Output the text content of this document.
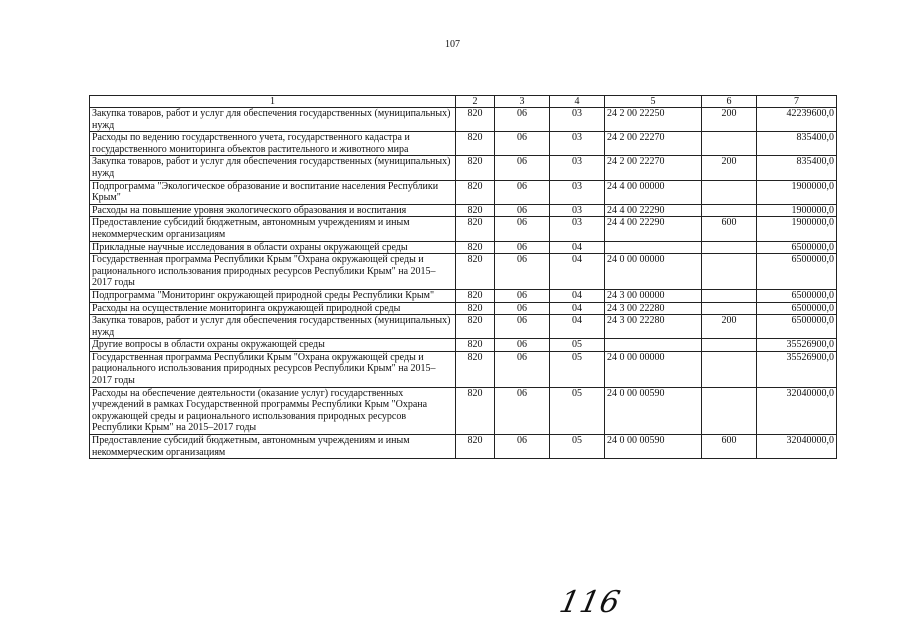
107
1	2	3	4	5	6	7
Закупка товаров, работ и услуг для обеспечения государственных (муниципальных) нужд	820	06	03	24 2 00 22250	200	42239600,0
Расходы по ведению государственного учета, государственного кадастра и государственного мониторинга объектов растительного и животного мира	820	06	03	24 2 00 22270		835400,0
Закупка товаров, работ и услуг для обеспечения государственных (муниципальных) нужд	820	06	03	24 2 00 22270	200	835400,0
Подпрограмма "Экологическое образование и воспитание населения Республики Крым"	820	06	03	24 4 00 00000		1900000,0
Расходы на повышение уровня экологического образования и воспитания	820	06	03	24 4 00 22290		1900000,0
Предоставление субсидий бюджетным, автономным учреждениям и иным некоммерческим организациям	820	06	03	24 4 00 22290	600	1900000,0
Прикладные научные исследования в области охраны окружающей среды	820	06	04			6500000,0
Государственная программа Республики Крым "Охрана окружающей среды и рационального использования природных ресурсов Республики Крым" на 2015–2017 годы	820	06	04	24 0 00 00000		6500000,0
Подпрограмма "Мониторинг окружающей природной среды Республики Крым"	820	06	04	24 3 00 00000		6500000,0
Расходы на осуществление мониторинга окружающей природной среды	820	06	04	24 3 00 22280		6500000,0
Закупка товаров, работ и услуг для обеспечения государственных (муниципальных) нужд	820	06	04	24 3 00 22280	200	6500000,0
Другие вопросы в области охраны окружающей среды	820	06	05			35526900,0
Государственная программа Республики Крым "Охрана окружающей среды и рационального использования природных ресурсов Республики Крым" на 2015–2017 годы	820	06	05	24 0 00 00000		35526900,0
Расходы на обеспечение деятельности (оказание услуг) государственных учреждений в рамках Государственной программы Республики Крым "Охрана окружающей среды и рационального использования природных ресурсов Республики Крым" на 2015–2017 годы	820	06	05	24 0 00 00590		32040000,0
Предоставление субсидий бюджетным, автономным учреждениям и иным некоммерческим организациям	820	06	05	24 0 00 00590	600	32040000,0
116
